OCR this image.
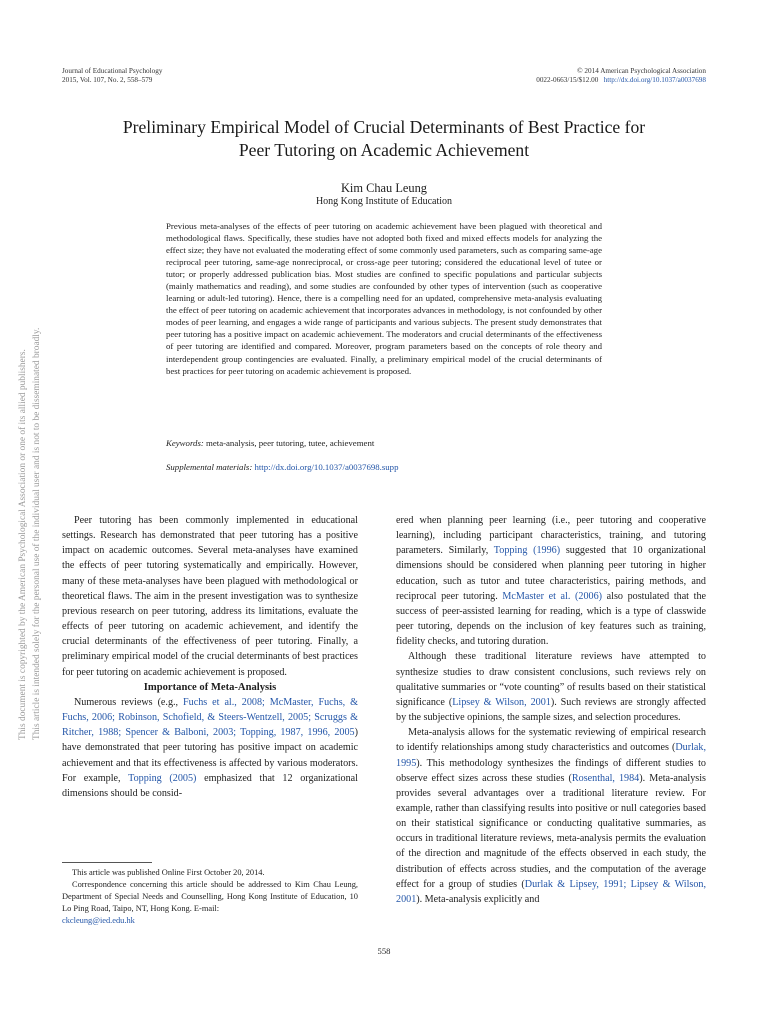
Journal of Educational Psychology
2015, Vol. 107, No. 2, 558–579
© 2014 American Psychological Association
0022-0663/15/$12.00 http://dx.doi.org/10.1037/a0037698
This document is copyrighted by the American Psychological Association or one of its allied publishers. This article is intended solely for the personal use of the individual user and is not to be disseminated broadly.
Preliminary Empirical Model of Crucial Determinants of Best Practice for
Peer Tutoring on Academic Achievement
Kim Chau Leung
Hong Kong Institute of Education

Previous meta-analyses of the effects of peer tutoring on academic achievement have been plagued with theoretical and methodological flaws. Specifically, these studies have not adopted both fixed and mixed effects models for analyzing the effect size; they have not evaluated the moderating effect of some commonly used parameters, such as comparing same-age reciprocal peer tutoring, same-age nonreciprocal, or cross-age peer tutoring; considered the educational level of tutee or tutor; or properly addressed publication bias. Most studies are confined to specific populations and particular subjects (mainly mathematics and reading), and some studies are confounded by other types of intervention (such as cooperative learning or adult-led tutoring). Hence, there is a compelling need for an updated, comprehensive meta-analysis evaluating the effect of peer tutoring on academic achievement that incorporates advances in methodology, is not confounded by other modes of peer learning, and engages a wide range of participants and various subjects. The present study demonstrates that peer tutoring has a positive impact on academic achievement. The moderators and crucial determinants of the effectiveness of peer tutoring are identified and compared. Moreover, program parameters based on the concepts of role theory and interdependent group contingencies are evaluated. Finally, a preliminary empirical model of the crucial determinants of best practices for peer tutoring on academic achievement is proposed.

Keywords: meta-analysis, peer tutoring, tutee, achievement

Supplemental materials: http://dx.doi.org/10.1037/a0037698.supp

Peer tutoring has been commonly implemented in educational settings. Research has demonstrated that peer tutoring has a positive impact on academic outcomes. Several meta-analyses have examined the effects of peer tutoring systematically and empirically. However, many of these meta-analyses have been plagued with methodological or theoretical flaws. The aim in the present investigation was to synthesize previous research on peer tutoring, address its limitations, evaluate the effects of peer tutoring on academic achievement, and identify the crucial determinants of the effectiveness of peer tutoring. Finally, a preliminary empirical model of the crucial determinants of best practices for peer tutoring on academic achievement is proposed.

Importance of Meta-Analysis

Numerous reviews (e.g., Fuchs et al., 2008; McMaster, Fuchs, & Fuchs, 2006; Robinson, Schofield, & Steers-Wentzell, 2005; Scruggs & Ritcher, 1988; Spencer & Balboni, 2003; Topping, 1987, 1996, 2005) have demonstrated that peer tutoring has positive impact on academic achievement and that its effectiveness is affected by various moderators. For example, Topping (2005) emphasized that 12 organizational dimensions should be consid-

ered when planning peer learning (i.e., peer tutoring and cooperative learning), including participant characteristics, training, and tutoring parameters. Similarly, Topping (1996) suggested that 10 organizational dimensions should be considered when planning peer tutoring in higher education, such as tutor and tutee characteristics, pairing methods, and reciprocal peer tutoring. McMaster et al. (2006) also postulated that the success of peer-assisted learning for reading, which is a type of classwide peer tutoring, depends on the inclusion of key features such as training, fidelity checks, and tutoring duration.

Although these traditional literature reviews have attempted to synthesize studies to draw consistent conclusions, such reviews rely on qualitative summaries or “vote counting” of results based on their statistical significance (Lipsey & Wilson, 2001). Such reviews are strongly affected by the subjective opinions, the sample sizes, and selection procedures.

Meta-analysis allows for the systematic reviewing of empirical research to identify relationships among study characteristics and outcomes (Durlak, 1995). This methodology synthesizes the findings of different studies to observe effect sizes across these studies (Rosenthal, 1984). Meta-analysis provides several advantages over a traditional literature review. For example, rather than classifying results into positive or null categories based on their statistical significance or conducting qualitative summaries, as occurs in traditional literature reviews, meta-analysis permits the evaluation of the direction and magnitude of the effects observed in each study, the distribution of effects across studies, and the computation of the average effect for a group of studies (Durlak & Lipsey, 1991; Lipsey & Wilson, 2001). Meta-analysis explicitly and

This article was published Online First October 20, 2014.

Correspondence concerning this article should be addressed to Kim Chau Leung, Department of Special Needs and Counselling, Hong Kong Institute of Education, 10 Lo Ping Road, Taipo, NT, Hong Kong. E-mail:

ckcleung@ied.edu.hk
558
